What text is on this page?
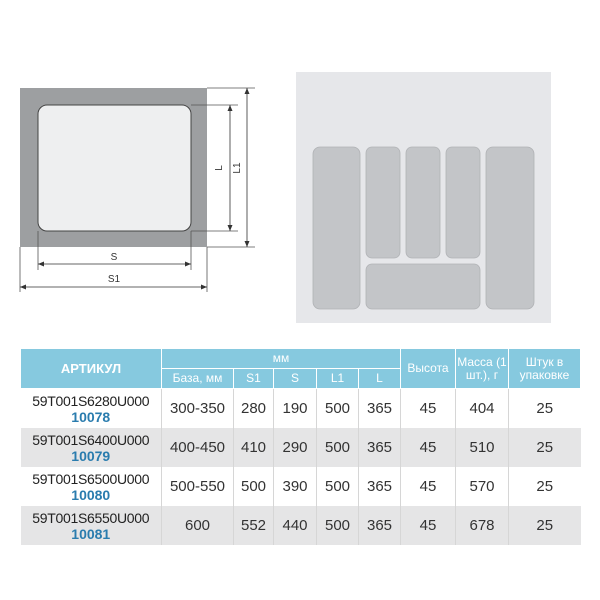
L L1
S
S1
АРТИКУЛ	мм					Высота	Масса (1 шт.), г	Штук в упаковке
	База, мм	S1	S	L1	L			

59T001S6280U000
10078	300-350	280	190	500	365	45	404	25

59T001S6400U000
10079	400-450	410	290	500	365	45	510	25

59T001S6500U000
10080	500-550	500	390	500	365	45	570	25

59T001S6550U000
10081	600	552	440	500	365	45	678	25
